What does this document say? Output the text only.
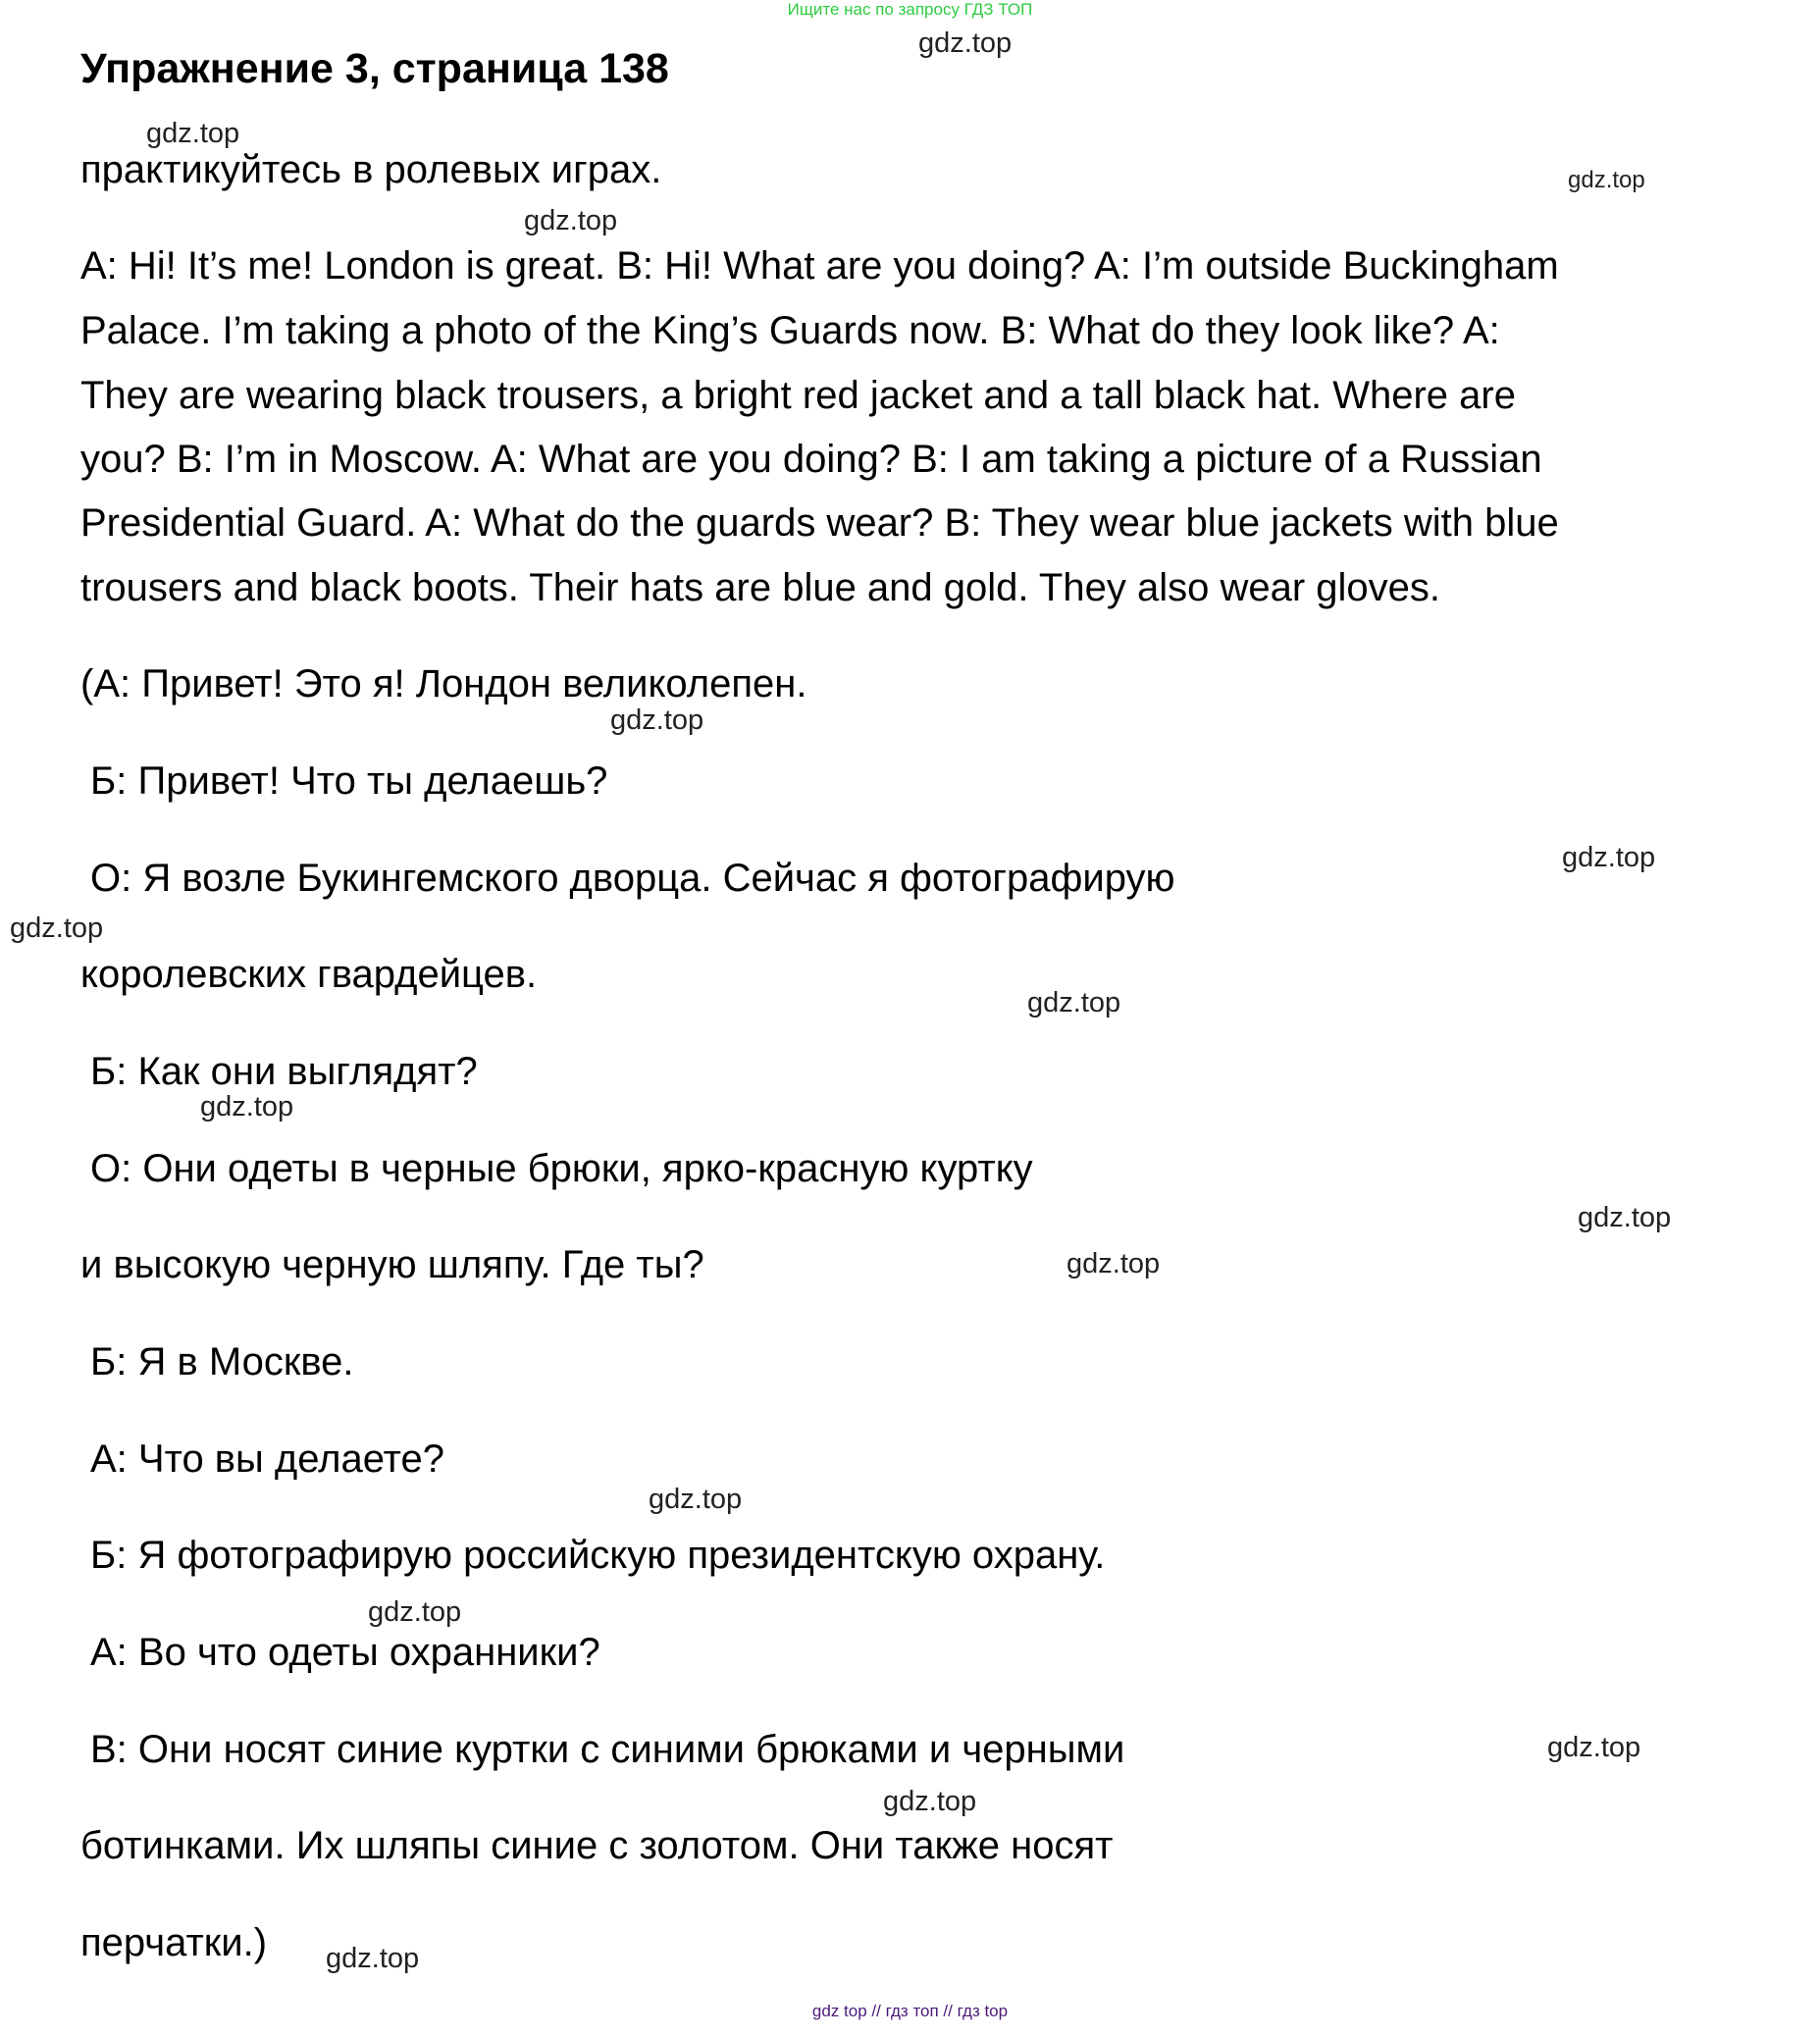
Ищите нас по запросу ГДЗ ТОП
Упражнение 3, страница 138
практикуйтесь в ролевых играх.
A: Hi! It’s me! London is great. B: Hi! What are you doing? A: I’m outside Buckingham
Palace. I’m taking a photo of the King’s Guards now. B: What do they look like? A:
They are wearing black trousers, a bright red jacket and a tall black hat. Where are
you? B: I’m in Moscow. A: What are you doing? B: I am taking a picture of a Russian
Presidential Guard. A: What do the guards wear? B: They wear blue jackets with blue
trousers and black boots. Their hats are blue and gold. They also wear gloves.
(А: Привет! Это я! Лондон великолепен.
Б: Привет! Что ты делаешь?
О: Я возле Букингемского дворца. Сейчас я фотографирую
королевских гвардейцев.
Б: Как они выглядят?
О: Они одеты в черные брюки, ярко-красную куртку
и высокую черную шляпу. Где ты?
Б: Я в Москве.
А: Что вы делаете?
Б: Я фотографирую российскую президентскую охрану.
А: Во что одеты охранники?
В: Они носят синие куртки с синими брюками и черными
ботинками. Их шляпы синие с золотом. Они также носят
перчатки.)
gdz.top
gdz.top
gdz.top
gdz.top
gdz.top
gdz.top
gdz.top
gdz.top
gdz.top
gdz.top
gdz.top
gdz.top
gdz.top
gdz.top
gdz.top
gdz.top
gdz top // гдз топ // гдз top
